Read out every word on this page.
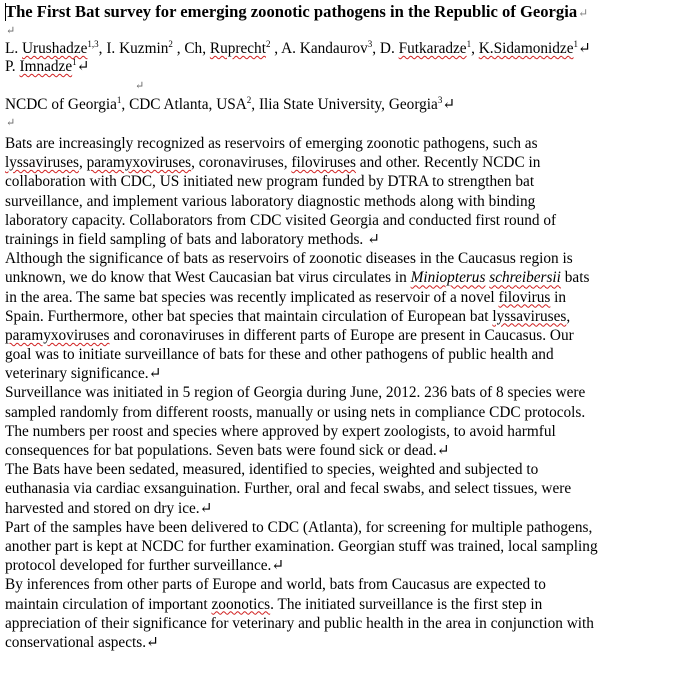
The First Bat survey for emerging zoonotic pathogens in the Republic of Georgia↵
↵
L. Urushadze$^{1,3}$, I. Kuzmin$^2$ , Ch, Ruprecht$^2$ , A. Kandaurov$^3$, D. Futkaradze$^1$, K.Sidamonidze$^1$↵
P. Imnadze$^1$↵
↵
NCDC of Georgia$^1$, CDC Atlanta, USA$^2$, Ilia State University, Georgia$^3$↵
↵
Bats are increasingly recognized as reservoirs of emerging zoonotic pathogens, such as
lyssaviruses, paramyxoviruses, coronaviruses, filoviruses and other. Recently NCDC in
collaboration with CDC, US initiated new program funded by DTRA to strengthen bat
surveillance, and implement various laboratory diagnostic methods along with binding
laboratory capacity. Collaborators from CDC visited Georgia and conducted first round of
trainings in field sampling of bats and laboratory methods. ↵
Although the significance of bats as reservoirs of zoonotic diseases in the Caucasus region is
unknown, we do know that West Caucasian bat virus circulates in Miniopterus schreibersii bats
in the area. The same bat species was recently implicated as reservoir of a novel filovirus in
Spain. Furthermore, other bat species that maintain circulation of European bat lyssaviruses,
paramyxoviruses and coronaviruses in different parts of Europe are present in Caucasus. Our
goal was to initiate surveillance of bats for these and other pathogens of public health and
veterinary significance.↵
Surveillance was initiated in 5 region of Georgia during June, 2012. 236 bats of 8 species were
sampled randomly from different roosts, manually or using nets in compliance CDC protocols.
The numbers per roost and species where approved by expert zoologists, to avoid harmful
consequences for bat populations. Seven bats were found sick or dead.↵
The Bats have been sedated, measured, identified to species, weighted and subjected to
euthanasia via cardiac exsanguination. Further, oral and fecal swabs, and select tissues, were
harvested and stored on dry ice.↵
Part of the samples have been delivered to CDC (Atlanta), for screening for multiple pathogens,
another part is kept at NCDC for further examination. Georgian stuff was trained, local sampling
protocol developed for further surveillance.↵
By inferences from other parts of Europe and world, bats from Caucasus are expected to
maintain circulation of important zoonotics. The initiated surveillance is the first step in
appreciation of their significance for veterinary and public health in the area in conjunction with
conservational aspects.↵
